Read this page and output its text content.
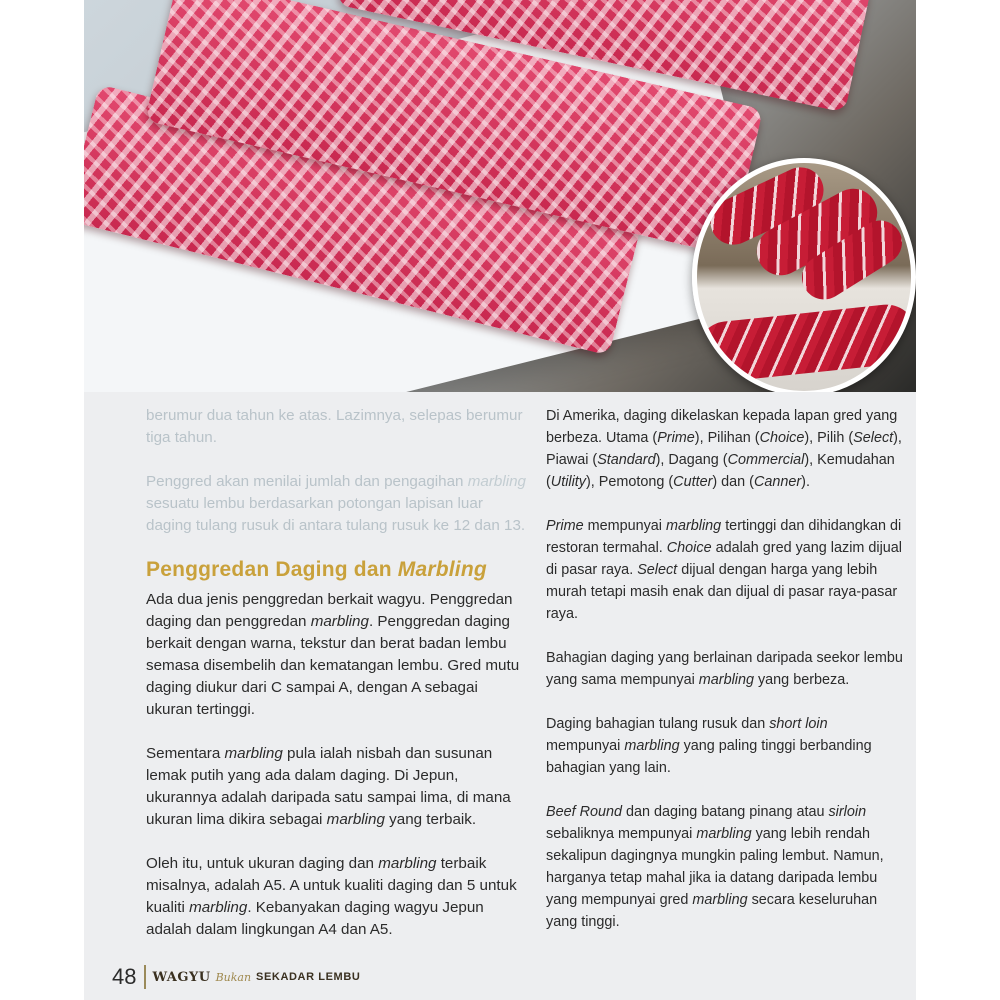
berumur dua tahun ke atas. Lazimnya, selepas berumur tiga tahun.

Penggred akan menilai jumlah dan pengagihan marbling sesuatu lembu berdasarkan potongan lapisan luar daging tulang rusuk di antara tulang rusuk ke 12 dan 13.

Penggredan Daging dan Marbling

Ada dua jenis penggredan berkait wagyu. Penggredan daging dan penggredan marbling. Penggredan daging berkait dengan warna, tekstur dan berat badan lembu semasa disembelih dan kematangan lembu. Gred mutu daging diukur dari C sampai A, dengan A sebagai ukuran tertinggi.

Sementara marbling pula ialah nisbah dan susunan lemak putih yang ada dalam daging. Di Jepun, ukurannya adalah daripada satu sampai lima, di mana ukuran lima dikira sebagai marbling yang terbaik.

Oleh itu, untuk ukuran daging dan marbling terbaik misalnya, adalah A5. A untuk kualiti daging dan 5 untuk kualiti marbling. Kebanyakan daging wagyu Jepun adalah dalam lingkungan A4 dan A5.

Di Amerika, daging dikelaskan kepada lapan gred yang berbeza. Utama (Prime), Pilihan (Choice), Pilih (Select), Piawai (Standard), Dagang (Commercial), Kemudahan (Utility), Pemotong (Cutter) dan (Canner).

Prime mempunyai marbling tertinggi dan dihidangkan di restoran termahal. Choice adalah gred yang lazim dijual di pasar raya. Select dijual dengan harga yang lebih murah tetapi masih enak dan dijual di pasar raya-pasar raya.

Bahagian daging yang berlainan daripada seekor lembu yang sama mempunyai marbling yang berbeza.

Daging bahagian tulang rusuk dan short loin mempunyai marbling yang paling tinggi berbanding bahagian yang lain.

Beef Round dan daging batang pinang atau sirloin sebaliknya mempunyai marbling yang lebih rendah sekalipun dagingnya mungkin paling lembut. Namun, harganya tetap mahal jika ia datang daripada lembu yang mempunyai gred marbling secara keseluruhan yang tinggi.

48 WAGYU Bukan SEKADAR LEMBU
